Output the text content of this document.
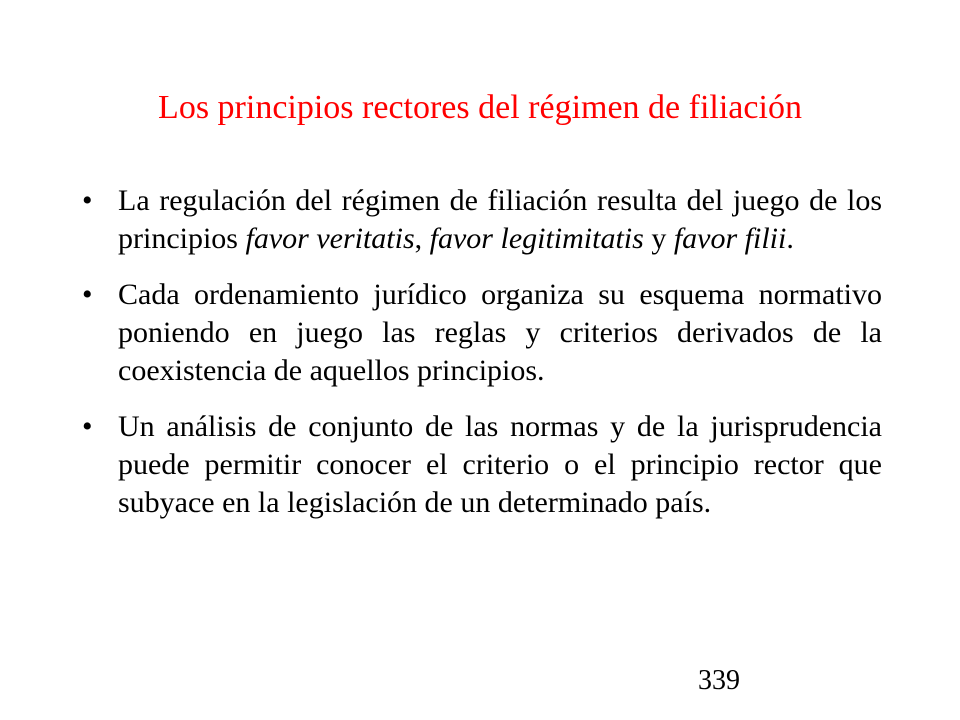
Los principios rectores del régimen de filiación
• La regulación del régimen de filiación resulta del juego de los principios favor veritatis, favor legitimitatis y favor filii.
• Cada ordenamiento jurídico organiza su esquema normativo poniendo en juego las reglas y criterios derivados de la coexistencia de aquellos principios.
• Un análisis de conjunto de las normas y de la jurisprudencia puede permitir conocer el criterio o el principio rector que subyace en la legislación de un determinado país.
339
